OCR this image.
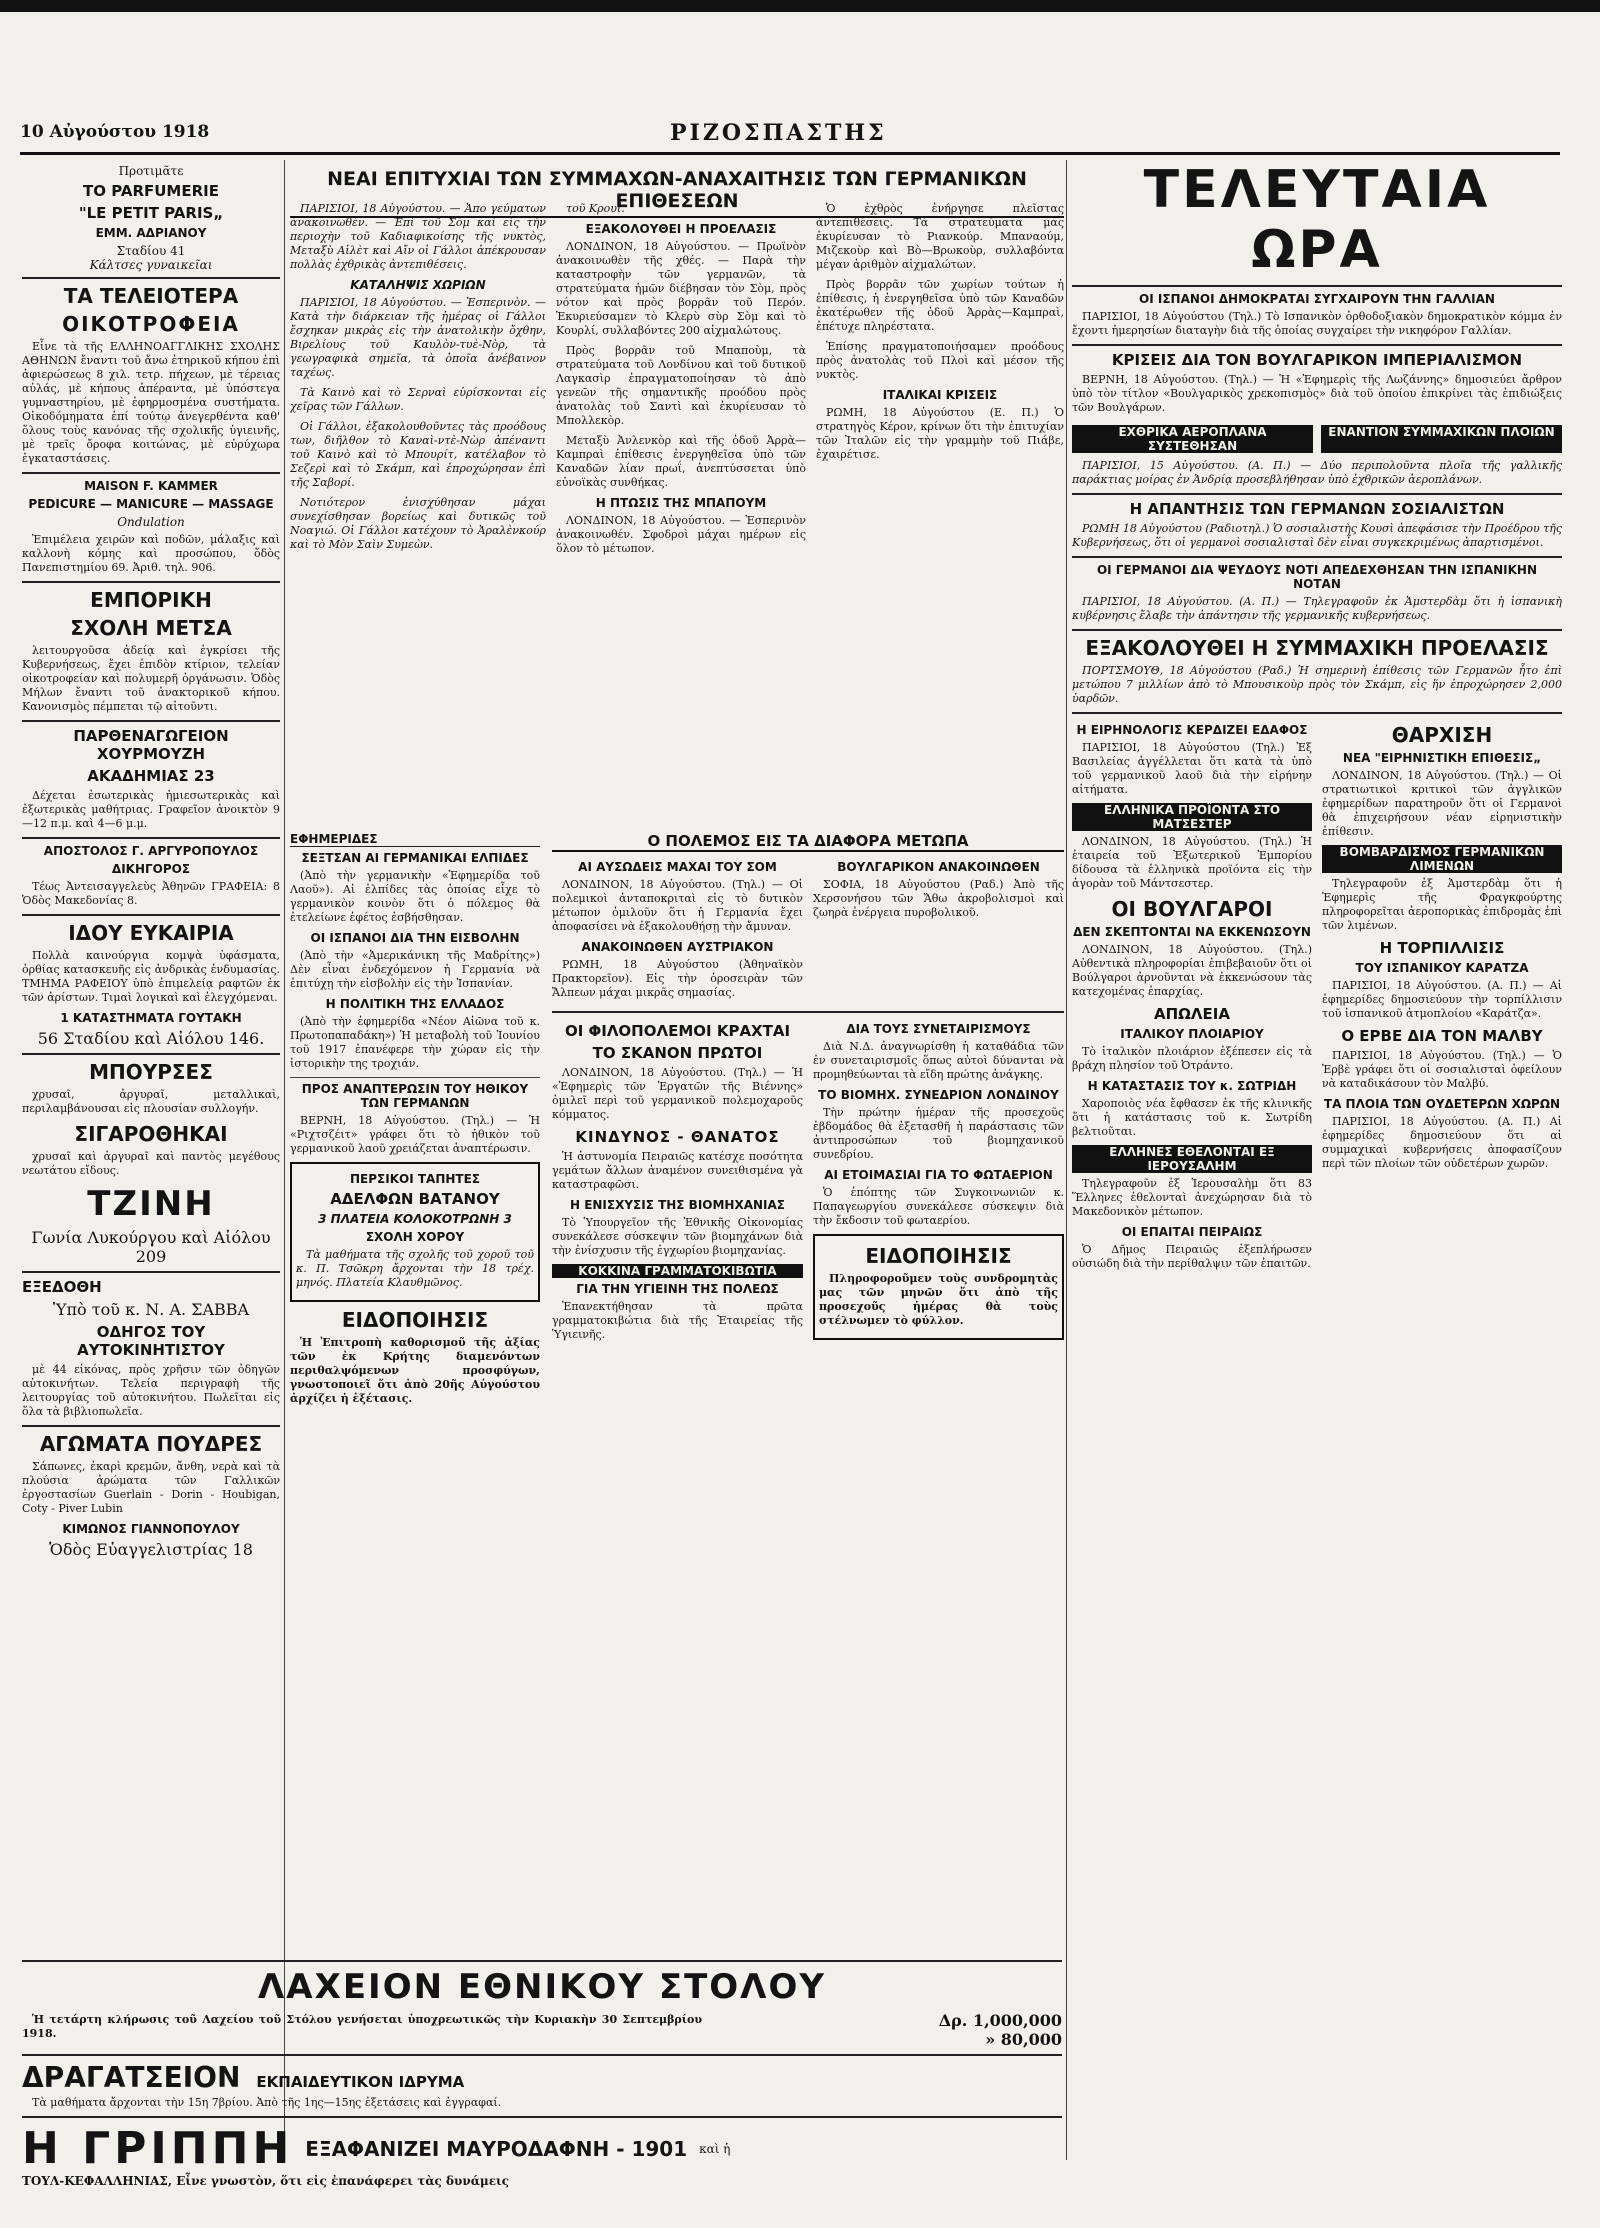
10 Αὐγούστου 1918	ΡΙΖΟΣΠΑΣΤΗΣ
Προτιμᾶτε
ΤΟ PARFUMERIE
"LE PETIT PARIS„
ΕΜΜ. ΑΔΡΙΑΝΟΥ
Σταδίου 41
Κάλτσες γυναικεῖαι
ΤΑ ΤΕΛΕΙΟΤΕΡΑ
ΟΙΚΟΤΡΟΦΕΙΑ

Εἶνε τὰ τῆς ΕΛΛΗΝΟΑΓΓΛΙΚΗΣ ΣΧΟΛΗΣ ΑΘΗΝΩΝ ἔναντι τοῦ ἄνω ἐτηρικοῦ κήπου ἐπὶ ἀφιερώσεως 8 χιλ. τετρ. πήχεων, μὲ τέρειας αὐλάς, μὲ κήπους ἀπέραντα, μὲ ὑπόστεγα γυμναστηρίου, μὲ ἐφηρμοσμένα συστήματα. Οἰκοδόμηματα ἐπί τούτῳ ἀνεγερθέντα καθ' ὅλους τοὺς κανόνας τῆς σχολικῆς ὑγιεινῆς, μὲ τρεῖς ὄροφα κοιτώνας, μὲ εὐρύχωρα ἐγκαταστάσεις.

MAISON F. KAMMER
PEDICURE — MANICURE — MASSAGE
Ondulation

Ἐπιμέλεια χειρῶν καὶ ποδῶν, μάλαξις καὶ καλλονὴ κόμης καὶ προσώπου, ὅδὸς Πανεπιστημίου 69. Ἀριθ. τηλ. 906.

ΕΜΠΟΡΙΚΗ
ΣΧΟΛΗ ΜΕΤΣΑ

λειτουργοῦσα ἀδείᾳ καὶ ἐγκρίσει τῆς Κυβερνήσεως, ἔχει ἐπιδὸν κτίριον, τελείαν οἰκοτροφείαν καὶ πολυμερῆ ὀργάνωσιν. Ὁδὸς Μήλων ἔναντι τοῦ ἀνακτορικοῦ κήπου. Κανονισμὸς πέμπεται τῷ αἰτοῦντι.

ΠΑΡΘΕΝΑΓΩΓΕΙΟΝ ΧΟΥΡΜΟΥΖΗ
ΑΚΑΔΗΜΙΑΣ 23

Δέχεται ἐσωτερικὰς ἡμιεσωτερικὰς καὶ ἐξωτερικὰς μαθήτριας. Γραφεῖον ἀνοικτὸν 9—12 π.μ. καὶ 4—6 μ.μ.

ΑΠΟΣΤΟΛΟΣ Γ. ΑΡΓΥΡΟΠΟΥΛΟΣ
ΔΙΚΗΓΟΡΟΣ

Τέως Ἀντεισαγγελεὺς Ἀθηνῶν ΓΡΑΦΕΙΑ: 8 Ὁδὸς Μακεδονίας 8.

ΙΔΟΥ ΕΥΚΑΙΡΙΑ

Πολλὰ καινούργια κομψὰ ὑφάσματα, ὀρθίας κατασκευῆς εἰς ἀνδρικὰς ἐνδυμασίας. ΤΜΗΜΑ ΡΑΦΕΙΟΥ ὑπὸ ἐπιμελείᾳ ραφτῶν ἐκ τῶν ἀρίστων. Τιμαὶ λογικαὶ καὶ ἐλεγχόμεναι.

1 ΚΑΤΑΣΤΗΜΑΤΑ ΓΟΥΤΑΚΗ
56 Σταδίου καὶ Αἰόλου 146.
ΜΠΟΥΡΣΕΣ

χρυσαῖ, ἀργυραῖ, μεταλλικαὶ, περιλαμβάνουσαι εἰς πλουσίαν συλλογήν.

ΣΙΓΑΡΟΘΗΚΑΙ

χρυσαῖ καὶ ἀργυραῖ καὶ παντὸς μεγέθους νεωτάτου εἴδους.

ΤΖΙΝΗ
Γωνία Λυκούργου καὶ Αἰόλου 209
ΕΞΕΔΟΘΗ
Ὑπὸ τοῦ κ. Ν. Α. ΣΑΒΒΑ
ΟΔΗΓΟΣ ΤΟΥ ΑΥΤΟΚΙΝΗΤΙΣΤΟΥ

μὲ 44 εἰκόνας, πρὸς χρῆσιν τῶν ὁδηγῶν αὐτοκινήτων. Τελεία περιγραφὴ τῆς λειτουργίας τοῦ αὐτοκινήτου. Πωλεῖται εἰς ὅλα τὰ βιβλιοπωλεῖα.

ΑΓΩΜΑΤΑ ΠΟΥΔΡΕΣ

Σάπωνες, ἐκαρὶ κρεμῶν, ἄνθη, νερὰ καὶ τὰ πλούσια ἀρώματα τῶν Γαλλικῶν ἐργοστασίων Guerlain - Dorin - Houbigan, Coty - Piver Lubin

ΚΙΜΩΝΟΣ ΓΙΑΝΝΟΠΟΥΛΟΥ
Ὁδὸς Εὐαγγελιστρίας 18
ΝΕΑΙ ΕΠΙΤΥΧΙΑΙ ΤΩΝ ΣΥΜΜΑΧΩΝ-ΑΝΑΧΑΙΤΗΣΙΣ ΤΩΝ ΓΕΡΜΑΝΙΚΩΝ ΕΠΙΘΕΣΕΩΝ

ΠΑΡΙΣΙΟΙ, 18 Αὐγούστου. — Ἀπο γεύματων ἀνακοινωθέν. — Ἐπὶ τοῦ Σὸμ καὶ εἰς τὴν περιοχὴν τοῦ Καδιαφικοίσης τῆς νυκτὸς, Μεταξὺ Αἰλὲτ καὶ Αἴν οἱ Γάλλοι ἀπέκρουσαν πολλὰς ἐχθρικὰς ἀντεπιθέσεις.

ΚΑΤΑΛΗΨΙΣ ΧΩΡΙΩΝ

ΠΑΡΙΣΙΟΙ, 18 Αὐγούστου. — Ἑσπερινὸν. — Κατὰ τὴν διάρκειαν τῆς ἡμέρας οἱ Γάλλοι ἔσχηκαν μικρὰς εἰς τὴν ἀνατολικὴν ὄχθην, Βιρελίους τοῦ Καυλὸν-τυὲ-Νὸρ, τὰ γεωγραφικὰ σημεῖα, τὰ ὁποῖα ἀνέβαινον ταχέως.

Τὰ Καινὸ καὶ τὸ Σερναὶ εὑρίσκονται εἰς χεῖρας τῶν Γάλλων.

Οἱ Γάλλοι, ἐξακολουθοῦντες τὰς προόδους των, διῆλθον τὸ Καναὶ-ντὲ-Νὼρ ἀπέναντι τοῦ Καινὸ καὶ τὸ Μπουρίτ, κατέλαβον τὸ Σεζερὶ καὶ τὸ Σκάμπ, καὶ ἐπροχώρησαν ἐπὶ τῆς Σαβορί.

Νοτιότερον ἐνισχύθησαν μάχαι συνεχίσθησαν βορείως καὶ δυτικῶς τοῦ Νοαγιώ. Οἱ Γάλλοι κατέχουν τὸ Ἀραλὲνκούρ καὶ τὸ Μὸν Σαὶν Συμεὼν.

τοῦ Κρουί.

ΕΞΑΚΟΛΟΥΘΕΙ Η ΠΡΟΕΛΑΣΙΣ

ΛΟΝΔΙΝΟΝ, 18 Αὐγούστου. — Πρωϊνὸν ἀνακοινωθὲν τῆς χθές. — Παρὰ τὴν καταστροφὴν τῶν γερμανῶν, τὰ στρατεύματα ἡμῶν διέβησαν τὸν Σὸμ, πρὸς νότον καὶ πρὸς βορρᾶν τοῦ Περόν. Ἐκυριεύσαμεν τὸ Κλερὺ σὺρ Σὸμ καὶ τὸ Κουρλί, συλλαβόντες 200 αἰχμαλώτους.

Πρὸς βορρᾶν τοῦ Μπαποὺμ, τὰ στρατεύματα τοῦ Λονδίνου καὶ τοῦ δυτικοῦ Λαγκασὶρ ἐπραγματοποίησαν τὸ ἀπὸ γενεῶν τῆς σημαντικῆς προόδου πρὸς ἀνατολὰς τοῦ Σαντὶ καὶ ἐκυρίευσαν τὸ Μπολλεκὸρ.

Μεταξὺ Ἀνλενκὸρ καὶ τῆς ὁδοῦ Ἀρρὰ—Καμπραὶ ἐπίθεσις ἐνεργηθεῖσα ὑπὸ τῶν Καναδῶν λίαν πρωΐ, ἀνεπτύσσεται ὑπὸ εὐνοϊκὰς συνθήκας.

Η ΠΤΩΣΙΣ ΤΗΣ ΜΠΑΠΟΥΜ

ΛΟΝΔΙΝΟΝ, 18 Αὐγούστου. — Ἑσπερινὸν ἀνακοινωθέν. Σφοδροὶ μάχαι ημέρων εἰς ὅλον τὸ μέτωπον.

Ὁ ἐχθρὸς ἐνήργησε πλεῖστας ἀντεπιθέσεις. Τὰ στρατεύματα μας ἐκυρίευσαν τὸ Ριανκούρ. Μπαναούμ, Μιζεκοὺρ καὶ Βὸ—Βρωκοὺρ, συλλαβόντα μέγαν ἀριθμὸν αἰχμαλώτων.

Πρὸς βορρᾶν τῶν χωρίων τούτων ἡ ἐπίθεσις, ἡ ἐνεργηθεῖσα ὑπὸ τῶν Καναδῶν ἐκατέρωθεν τῆς ὁδοῦ Ἀρρὰς—Καμπραὶ, ἐπέτυχε πληρέστατα.

Ἐπίσης πραγματοποιήσαμεν προόδους πρὸς ἀνατολὰς τοῦ Πλοὶ καὶ μέσον τῆς νυκτὸς.

ΙΤΑΛΙΚΑΙ ΚΡΙΣΕΙΣ

ΡΩΜΗ, 18 Αὐγούστου (Ε. Π.) Ὁ στρατηγὸς Κέρον, κρίνων ὅτι τὴν ἐπιτυχίαν τῶν Ἰταλῶν εἰς τὴν γραμμὴν τοῦ Πιάβε, ἐχαιρέτισε.

ΕΦΗΜΕΡΙΔΕΣ
ΣΕΞΤΣΑΝ ΑΙ ΓΕΡΜΑΝΙΚΑΙ ΕΛΠΙΔΕΣ

(Ἀπὸ τὴν γερμανικὴν «Ἐφημερίδα τοῦ Λαοῦ»). Αἱ ἐλπίδες τὰς ὁποίας εἶχε τὸ γερμανικὸν κοινὸν ὅτι ὁ πόλεμος θὰ ἐτελείωνε ἐφέτος ἐσβήσθησαν.

ΟΙ ΙΣΠΑΝΟΙ ΔΙΑ ΤΗΝ ΕΙΣΒΟΛΗΝ

(Ἀπὸ τὴν «Ἀμερικάνικη τῆς Μαδρίτης») Δὲν εἶναι ἐνδεχόμενον ἡ Γερμανία νὰ ἐπιτύχῃ τὴν εἰσβολὴν εἰς τὴν Ἱσπανίαν.

Η ΠΟΛΙΤΙΚΗ ΤΗΣ ΕΛΛΑΔΟΣ

(Ἀπὸ τὴν ἐφημερίδα «Νέον Αἰῶνα τοῦ κ. Πρωτοπαπαδάκη») Ἡ μεταβολὴ τοῦ Ἰουνίου τοῦ 1917 ἐπανέφερε τὴν χώραν εἰς τὴν ἱστορικὴν της τροχιάν.

ΠΡΟΣ ΑΝΑΠΤΕΡΩΣΙΝ ΤΟΥ ΗΘΙΚΟΥ ΤΩΝ ΓΕΡΜΑΝΩΝ

ΒΕΡΝΗ, 18 Αὐγούστου. (Τηλ.) — Ἡ «Ριχτσζέιτ» γράφει ὅτι τὸ ἠθικὸν τοῦ γερμανικοῦ λαοῦ χρειάζεται ἀναπτέρωσιν.

ΠΕΡΣΙΚΟΙ ΤΑΠΗΤΕΣ
ΑΔΕΛΦΩΝ ΒΑΤΑΝΟΥ
3 ΠΛΑΤΕΙΑ ΚΟΛΟΚΟΤΡΩΝΗ 3
ΣΧΟΛΗ ΧΟΡΟΥ

Τὰ μαθήματα τῆς σχολῆς τοῦ χοροῦ τοῦ κ. Π. Τσῶκρη ἄρχονται τὴν 18 τρέχ. μηνός. Πλατεία Κλαυθμῶνος.

ΕΙΔΟΠΟΙΗΣΙΣ

Ἡ Ἐπιτροπὴ καθορισμοῦ τῆς ἀξίας τῶν ἐκ Κρήτης διαμενόντων περιθαλψόμενων προσφύγων, γνωστοποιεῖ ὅτι ἀπὸ 20ῆς Αὐγούστου ἀρχίζει ἡ ἐξέτασις.

Ο ΠΟΛΕΜΟΣ ΕΙΣ ΤΑ ΔΙΑΦΟΡΑ ΜΕΤΩΠΑ
ΑΙ ΑΥΣΩΔΕΙΣ ΜΑΧΑΙ ΤΟΥ ΣΟΜ

ΛΟΝΔΙΝΟΝ, 18 Αὐγούστου. (Τηλ.) — Οἱ πολεμικοὶ ἀνταποκριταὶ εἰς τὸ δυτικὸν μέτωπον ὁμιλοῦν ὅτι ἡ Γερμανία ἔχει ἀποφασίσει νὰ ἐξακολουθήσῃ τὴν ἄμυναν.

ΑΝΑΚΟΙΝΩΘΕΝ ΑΥΣΤΡΙΑΚΟΝ

ΡΩΜΗ, 18 Αὐγούστου (Ἀθηναϊκὸν Πρακτορεῖον). Εἰς τὴν ὀροσειρὰν τῶν Ἄλπεων μάχαι μικρᾶς σημασίας.

ΒΟΥΛΓΑΡΙΚΟΝ ΑΝΑΚΟΙΝΩΘΕΝ

ΣΟΦΙΑ, 18 Αὐγούστου (Ραδ.) Ἀπὸ τῆς Χερσονήσου τῶν Ἄθω ἀκροβολισμοὶ καὶ ζωηρὰ ἐνέργεια πυροβολικοῦ.

ΟΙ ΦΙΛΟΠΟΛΕΜΟΙ ΚΡΑΧΤΑΙ
ΤΟ ΣΚΑΝΟΝ ΠΡΩΤΟΙ

ΛΟΝΔΙΝΟΝ, 18 Αὐγούστου. (Τηλ.) — Ἡ «Ἐφημερὶς τῶν Ἐργατῶν τῆς Βιέννης» ὁμιλεῖ περὶ τοῦ γερμανικοῦ πολεμοχαροῦς κόμματος.

ΚΙΝΔΥΝΟΣ - ΘΑΝΑΤΟΣ

Ἡ ἀστυνομία Πειραιῶς κατέσχε ποσότητα γεμάτων ἄλλων ἀναμένον συνειθισμένα γὰ καταστραφῶσι.

Η ΕΝΙΣΧΥΣΙΣ ΤΗΣ ΒΙΟΜΗΧΑΝΙΑΣ

Τὸ Ὑπουργεῖον τῆς Ἐθνικῆς Οἰκονομίας συνεκάλεσε σύσκεψιν τῶν βιομηχάνων διὰ τὴν ἐνίσχυσιν τῆς ἐγχωρίου βιομηχανίας.

ΚΟΚΚΙΝΑ ΓΡΑΜΜΑΤΟΚΙΒΩΤΙΑ
ΓΙΑ ΤΗΝ ΥΓΙΕΙΝΗ ΤΗΣ ΠΟΛΕΩΣ

Ἐπανεκτήθησαν τὰ πρῶτα γραμματοκιβώτια διὰ τῆς Ἐταιρείας τῆς Ὑγιεινῆς.

ΔΙΑ ΤΟΥΣ ΣΥΝΕΤΑΙΡΙΣΜΟΥΣ

Διὰ Ν.Δ. ἀναγνωρίσθη ἡ καταθάδια τῶν ἐν συνεταιρισμοῖς ὅπως αὐτοὶ δύνανται νὰ προμηθεύωνται τὰ εἴδη πρώτης ἀνάγκης.

ΤΟ ΒΙΟΜΗΧ. ΣΥΝΕΔΡΙΟΝ ΛΟΝΔΙΝΟΥ

Τὴν πρώτην ἡμέραν τῆς προσεχοῦς ἑβδομάδος θὰ ἐξετασθῆ ἡ παράστασις τῶν ἀντιπροσώπων τοῦ βιομηχανικοῦ συνεδρίου.

ΑΙ ΕΤΟΙΜΑΣΙΑΙ ΓΙΑ ΤΟ ΦΩΤΑΕΡΙΟΝ

Ὁ ἐπόπτης τῶν Συγκοινωνιῶν κ. Παπαγεωργίου συνεκάλεσε σύσκεψιν διὰ τὴν ἔκδοσιν τοῦ φωταερίου.

ΕΙΔΟΠΟΙΗΣΙΣ

Πληροφοροῦμεν τοὺς συνδρομητὰς μας τῶν μηνῶν ὅτι ἀπὸ τῆς προσεχοῦς ἡμέρας θὰ τοὺς στέλνωμεν τὸ φύλλον.

ΤΕΛΕΥΤΑΙΑ ΩΡΑ
ΟΙ ΙΣΠΑΝΟΙ ΔΗΜΟΚΡΑΤΑΙ ΣΥΓΧΑΙΡΟΥΝ ΤΗΝ ΓΑΛΛΙΑΝ

ΠΑΡΙΣΙΟΙ, 18 Αὐγούστου (Τηλ.) Τὸ Ισπανικὸν ὀρθοδοξιακὸν δημοκρατικὸν κόμμα ἐν ἔχοντι ἡμερησίων διαταγὴν διὰ τῆς ὁποίας συγχαίρει τὴν νικηφόρον Γαλλίαν.

ΚΡΙΣΕΙΣ ΔΙΑ ΤΟΝ ΒΟΥΛΓΑΡΙΚΟΝ ΙΜΠΕΡΙΑΛΙΣΜΟΝ

ΒΕΡΝΗ, 18 Αὐγούστου. (Τηλ.) — Ἡ «Ἐφημερὶς τῆς Λωζάννης» δημοσιεύει ἄρθρον ὑπὸ τὸν τίτλον «Βουλγαρικὸς χρεκοπισμὸς» διὰ τοῦ ὁποίου ἐπικρίνει τὰς ἐπιδιώξεις τῶν Βουλγάρων.

ΕΧΘΡΙΚΑ ΑΕΡΟΠΛΑΝΑ ΣΥΣΤΕΘΗΣΑΝ
ΕΝΑΝΤΙΟΝ ΣΥΜΜΑΧΙΚΩΝ ΠΛΟΙΩΝ

ΠΑΡΙΣΙΟΙ, 15 Αὐγούστου. (Α. Π.) — Δύο περιπολοῦντα πλοῖα τῆς γαλλικῆς παράκτιας μοίρας ἐν Ἀνδρίᾳ προσεβλήθησαν ὑπὸ ἐχθρικῶν ἀεροπλάνων.

Η ΑΠΑΝΤΗΣΙΣ ΤΩΝ ΓΕΡΜΑΝΩΝ ΣΟΣΙΑΛΙΣΤΩΝ

ΡΩΜΗ 18 Αὐγούστου (Ραδιοτηλ.) Ὁ σοσιαλιστὴς Κουσὶ ἀπεφάσισε τὴν Προέδρου τῆς Κυβερνήσεως, ὅτι οἱ γερμανοὶ σοσιαλισταὶ δὲν εἶναι συγκεκριμένως ἀπαρτισμένοι.

ΟΙ ΓΕΡΜΑΝΟΙ ΔΙΑ ΨΕΥΔΟΥΣ ΝΟΤΙ ΑΠΕΔΕΧΘΗΣΑΝ ΤΗΝ ΙΣΠΑΝΙΚΗΝ ΝΟΤΑΝ

ΠΑΡΙΣΙΟΙ, 18 Αὐγούστου. (Α. Π.) — Τηλεγραφοῦν ἐκ Ἀμστερδὰμ ὅτι ἡ ἱσπανικὴ κυβέρνησις ἔλαβε τὴν ἀπάντησιν τῆς γερμανικῆς κυβερνήσεως.

ΕΞΑΚΟΛΟΥΘΕΙ Η ΣΥΜΜΑΧΙΚΗ ΠΡΟΕΛΑΣΙΣ

ΠΟΡΤΣΜΟΥΘ, 18 Αὐγούστου (Ραδ.) Ἡ σημερινὴ ἐπίθεσις τῶν Γερμανῶν ἦτο ἐπὶ μετώπου 7 μιλλίων ἀπὸ τὸ Μπουσικοὺρ πρὸς τὸν Σκάμπ, εἰς ἥν ἐπροχώρησεν 2,000 ὑαρδῶν.

Η ΕΙΡΗΝΟΛΟΓΙΣ ΚΕΡΔΙΖΕΙ ΕΔΑΦΟΣ

ΠΑΡΙΣΙΟΙ, 18 Αὐγούστου (Τηλ.) Ἐξ Βασιλείας ἀγγέλλεται ὅτι κατὰ τὰ ὑπὸ τοῦ γερμανικοῦ λαοῦ διὰ τὴν εἰρήνην αἰτήματα.

ΕΛΛΗΝΙΚΑ ΠΡΟΪΟΝΤΑ ΣΤΟ ΜΑΤΣΕΣΤΕΡ

ΛΟΝΔΙΝΟΝ, 18 Αὐγούστου. (Τηλ.) Ἡ ἑταιρεία τοῦ Ἐξωτερικοῦ Ἐμπορίου δίδουσα τὰ ἑλληνικὰ προϊόντα εἰς τὴν ἀγορὰν τοῦ Μάντσεστερ.

ΟΙ ΒΟΥΛΓΑΡΟΙ
ΔΕΝ ΣΚΕΠΤΟΝΤΑΙ ΝΑ ΕΚΚΕΝΩΣΟΥΝ

ΛΟΝΔΙΝΟΝ, 18 Αὐγούστου. (Τηλ.) Αὐθεντικὰ πληροφορίαι ἐπιβεβαιοῦν ὅτι οἱ Βούλγαροι ἀρνοῦνται νὰ ἐκκενώσουν τὰς κατεχομένας ἐπαρχίας.

ΑΠΩΛΕΙΑ
ΙΤΑΛΙΚΟΥ ΠΛΟΙΑΡΙΟΥ

Τὸ ἰταλικὸν πλοιάριον ἐξέπεσεν εἰς τὰ βράχη πλησίον τοῦ Ὀτράντο.

Η ΚΑΤΑΣΤΑΣΙΣ ΤΟΥ κ. ΣΩΤΡΙΔΗ

Χαροποιὸς νέα ἔφθασεν ἐκ τῆς κλινικῆς ὅτι ἡ κατάστασις τοῦ κ. Σωτρίδη βελτιοῦται.

ΕΛΛΗΝΕΣ ΕΘΕΛΟΝΤΑΙ ΕΞ ΙΕΡΟΥΣΑΛΗΜ

Τηλεγραφοῦν ἐξ Ἱερουσαλὴμ ὅτι 83 Ἕλληνες ἐθελονταὶ ἀνεχώρησαν διὰ τὸ Μακεδονικὸν μέτωπον.

ΟΙ ΕΠΑΙΤΑΙ ΠΕΙΡΑΙΩΣ

Ὁ Δῆμος Πειραιῶς ἐξεπλήρωσεν οὐσιώδη διὰ τὴν περίθαλψιν τῶν ἐπαιτῶν.

ΘΑΡΧΙΣΗ
ΝΕΑ "ΕΙΡΗΝΙΣΤΙΚΗ ΕΠΙΘΕΣΙΣ„

ΛΟΝΔΙΝΟΝ, 18 Αὐγούστου. (Τηλ.) — Οἱ στρατιωτικοὶ κριτικοὶ τῶν ἀγγλικῶν ἐφημερίδων παρατηροῦν ὅτι οἱ Γερμανοὶ θὰ ἐπιχειρήσουν νέαν εἰρηνιστικὴν ἐπίθεσιν.

ΒΟΜΒΑΡΔΙΣΜΟΣ ΓΕΡΜΑΝΙΚΩΝ ΛΙΜΕΝΩΝ

Τηλεγραφοῦν ἐξ Ἀμστερδὰμ ὅτι ἡ Ἐφημερὶς τῆς Φραγκφούρτης πληροφορεῖται ἀεροπορικὰς ἐπιδρομὰς ἐπὶ τῶν λιμένων.

Η ΤΟΡΠΙΛΛΙΣΙΣ
ΤΟΥ ΙΣΠΑΝΙΚΟΥ ΚΑΡΑΤΖΑ

ΠΑΡΙΣΙΟΙ, 18 Αὐγούστου. (Α. Π.) — Αἱ ἐφημερίδες δημοσιεύουν τὴν τορπίλλισιν τοῦ ἱσπανικοῦ ἀτμοπλοίου «Καράτζα».

Ο ΕΡΒΕ ΔΙΑ ΤΟΝ ΜΑΛΒΥ

ΠΑΡΙΣΙΟΙ, 18 Αὐγούστου. (Τηλ.) — Ὁ Ἐρβὲ γράφει ὅτι οἱ σοσιαλισταὶ ὀφείλουν νὰ καταδικάσουν τὸν Μαλβύ.

ΤΑ ΠΛΟΙΑ ΤΩΝ ΟΥΔΕΤΕΡΩΝ ΧΩΡΩΝ

ΠΑΡΙΣΙΟΙ, 18 Αὐγούστου. (Α. Π.) Αἱ ἐφημερίδες δημοσιεύουν ὅτι αἱ συμμαχικαὶ κυβερνήσεις ἀποφασίζουν περὶ τῶν πλοίων τῶν οὐδετέρων χωρῶν.

ΛΑΧΕΙΟΝ ΕΘΝΙΚΟΥ ΣΤΟΛΟΥ

Ἡ τετάρτη κλήρωσις τοῦ Λαχείου τοῦ Στόλου γενήσεται ὑποχρεωτικῶς τὴν Κυριακὴν 30 Σεπτεμβρίου 1918.

Δρ. 1,000,000
» 80,000
ΔΡΑΓΑΤΣΕΙΟΝ ΕΚΠΑΙΔΕΥΤΙΚΟΝ ΙΔΡΥΜΑ

Τὰ μαθήματα ἄρχονται τὴν 15η 7βρίου. Ἀπὸ τῆς 1ης—15ης ἐξετάσεις καὶ ἐγγραφαί.

Η ΓΡΙΠΠΗ ΕΞΑΦΑΝΙΖΕΙ ΜΑΥΡΟΔΑΦΝΗ - 1901 καὶ ἡ
ΤΟΥΛ-ΚΕΦΑΛΛΗΝΙΑΣ, Εἶνε γνωστὸν, ὅτι εἰς ἐπανάφερει τὰς δυνάμεις
